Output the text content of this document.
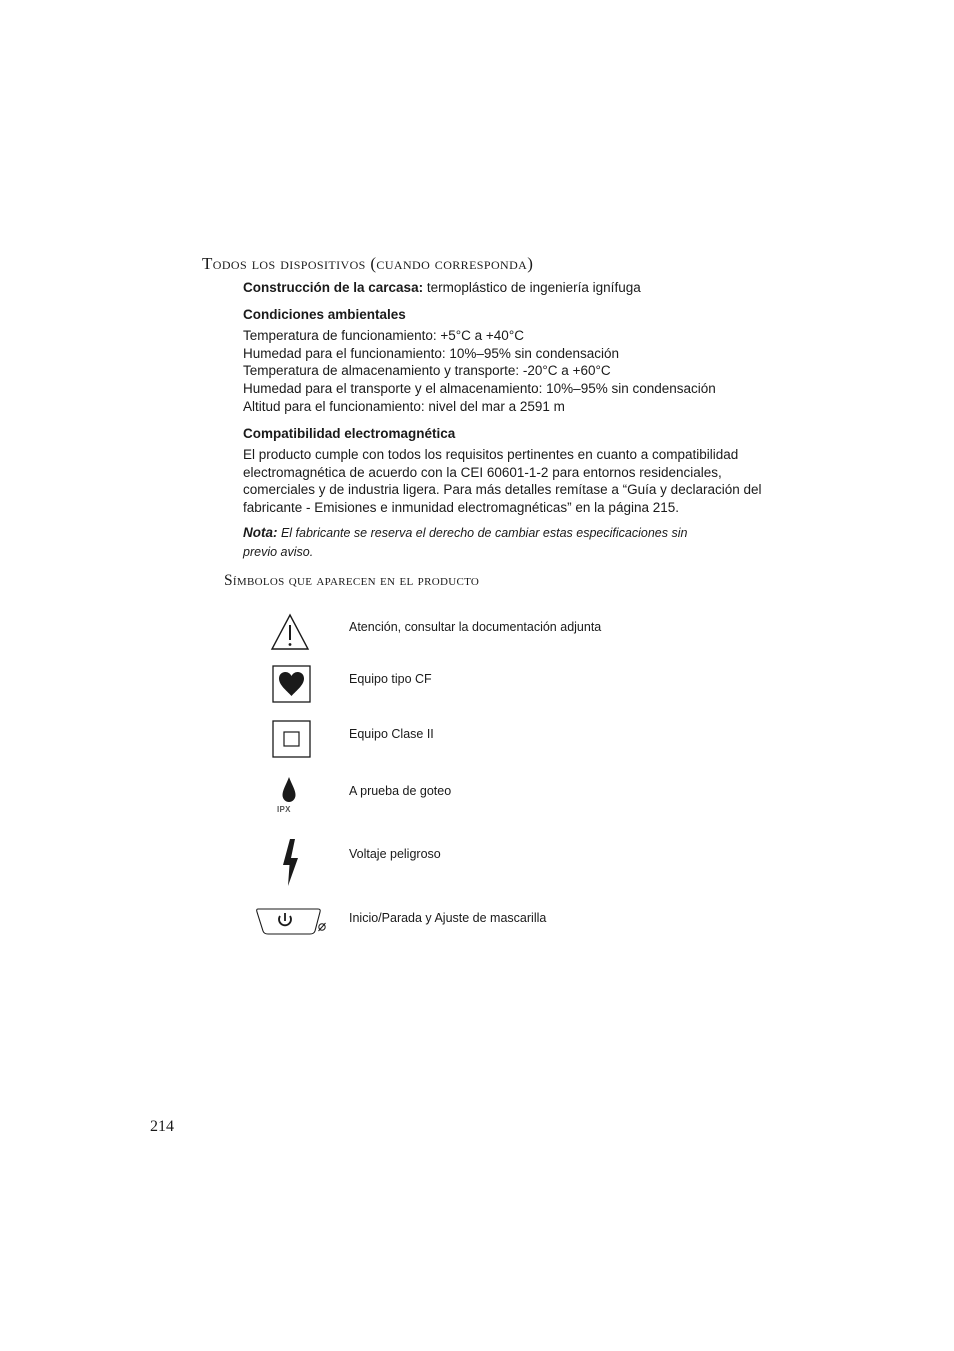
Todos los dispositivos (cuando corresponda)
Construcción de la carcasa: termoplástico de ingeniería ignífuga
Condiciones ambientales
Temperatura de funcionamiento: +5°C a +40°C
Humedad para el funcionamiento: 10%–95% sin condensación
Temperatura de almacenamiento y transporte: -20°C a +60°C
Humedad para el transporte y el almacenamiento: 10%–95% sin condensación
Altitud para el funcionamiento: nivel del mar a 2591 m
Compatibilidad electromagnética
El producto cumple con todos los requisitos pertinentes en cuanto a compatibilidad
electromagnética de acuerdo con la CEI 60601-1-2 para entornos residenciales,
comerciales y de industria ligera. Para más detalles remítase a “Guía y declaración del
fabricante - Emisiones e inmunidad electromagnéticas” en la página 215.
Nota: El fabricante se reserva el derecho de cambiar estas especificaciones sin
previo aviso.
Símbolos que aparecen en el producto
Atención, consultar la documentación adjunta
Equipo tipo CF
Equipo Clase II
IPX
A prueba de goteo
Voltaje peligroso
Inicio/Parada y Ajuste de mascarilla
214
